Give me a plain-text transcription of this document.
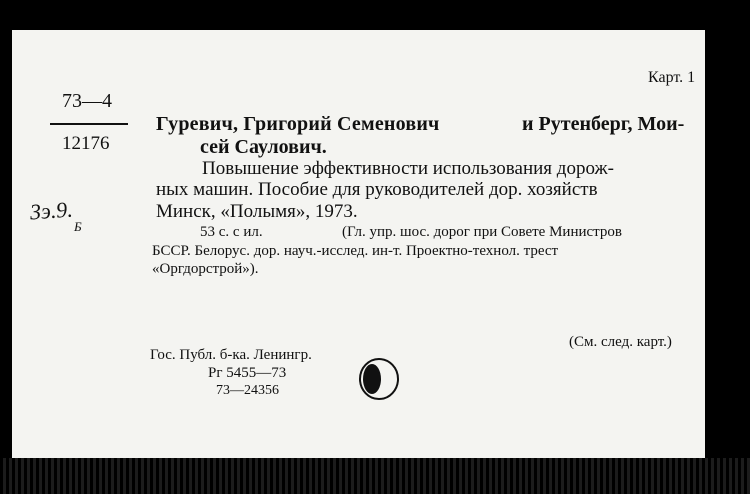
Карт. 1
73—4
12176
3э.9.
Б
Гуревич, Григорий Семенович	и Рутенберг, Мои-
сей Саулович.
Повышение эффективности использования дорож-
ных машин. Пособие для руководителей дор. хозяйств
Минск, «Полымя», 1973.
53 с. с ил.	(Гл. упр. шос. дорог при Совете Министров
БССР. Белорус. дор. науч.-исслед. ин-т. Проектно-технол. трест
«Оргдорстрой»).
(См. след. карт.)
Гос. Публ. б-ка. Ленингр.
Рг 5455—73
73—24356
